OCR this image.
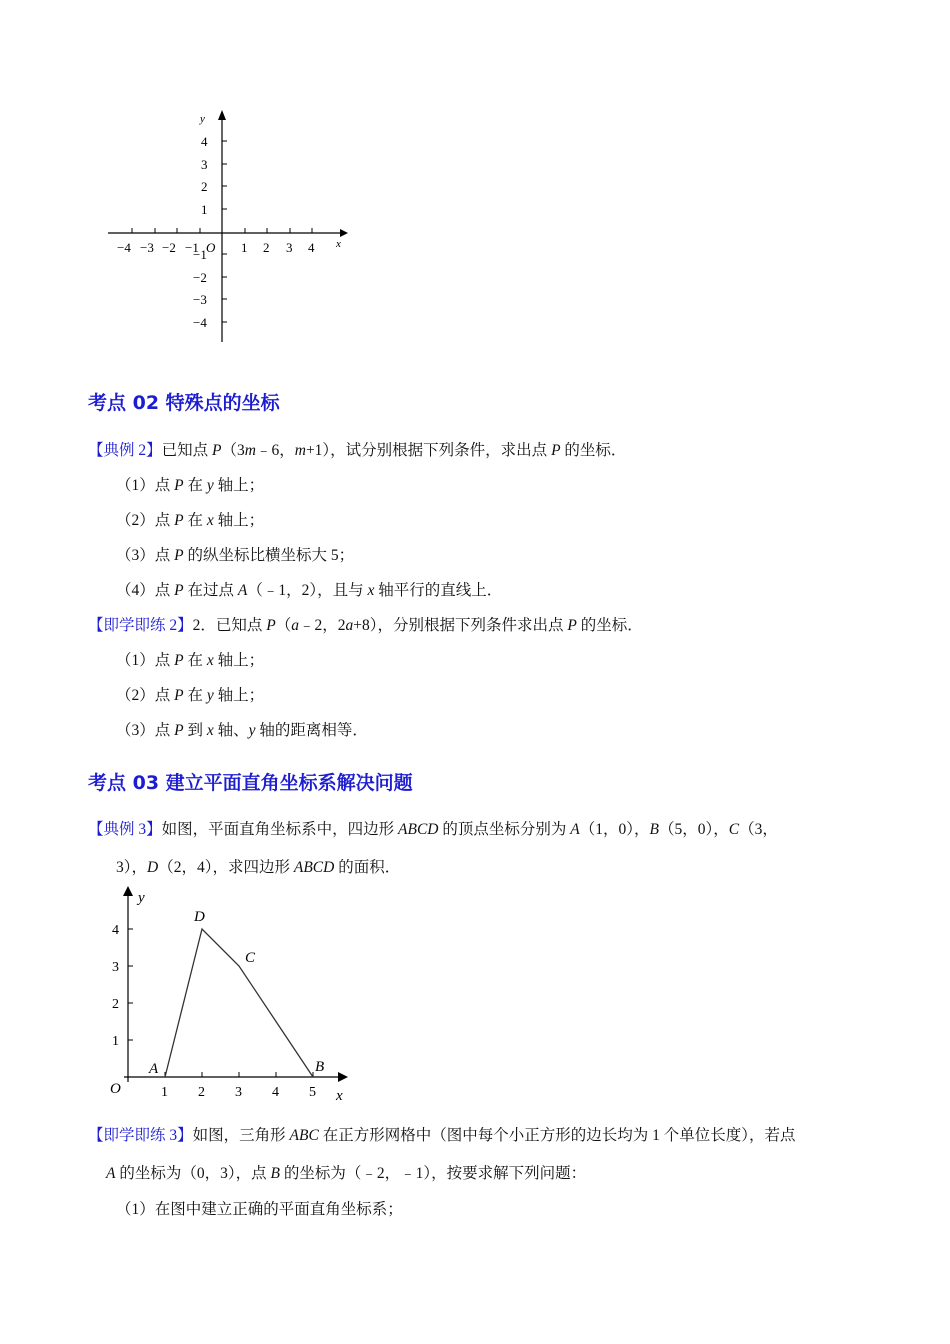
y
x
4
3
2
1
−1
−2
−3
−4
−4 −3 −2 −1 O 1 2 3 4
考点 02 特殊点的坐标
【典例 2】已知点 P（3m﹣6，m+1），试分别根据下列条件，求出点 P 的坐标．
（1）点 P 在 y 轴上；
（2）点 P 在 x 轴上；
（3）点 P 的纵坐标比横坐标大 5；
（4）点 P 在过点 A（﹣1，2），且与 x 轴平行的直线上．
【即学即练 2】2．已知点 P（a﹣2，2a+8），分别根据下列条件求出点 P 的坐标．
（1）点 P 在 x 轴上；
（2）点 P 在 y 轴上；
（3）点 P 到 x 轴、y 轴的距离相等．
考点 03 建立平面直角坐标系解决问题
【典例 3】如图，平面直角坐标系中，四边形 ABCD 的顶点坐标分别为 A（1，0），B（5，0），C（3，
3），D（2，4），求四边形 ABCD 的面积．
y
x
O	1 2 3 4 5
1
2
3
4
A
D
C
B
【即学即练 3】如图，三角形 ABC 在正方形网格中（图中每个小正方形的边长均为 1 个单位长度），若点
A 的坐标为（0，3），点 B 的坐标为（﹣2，﹣1），按要求解下列问题：
（1）在图中建立正确的平面直角坐标系；
